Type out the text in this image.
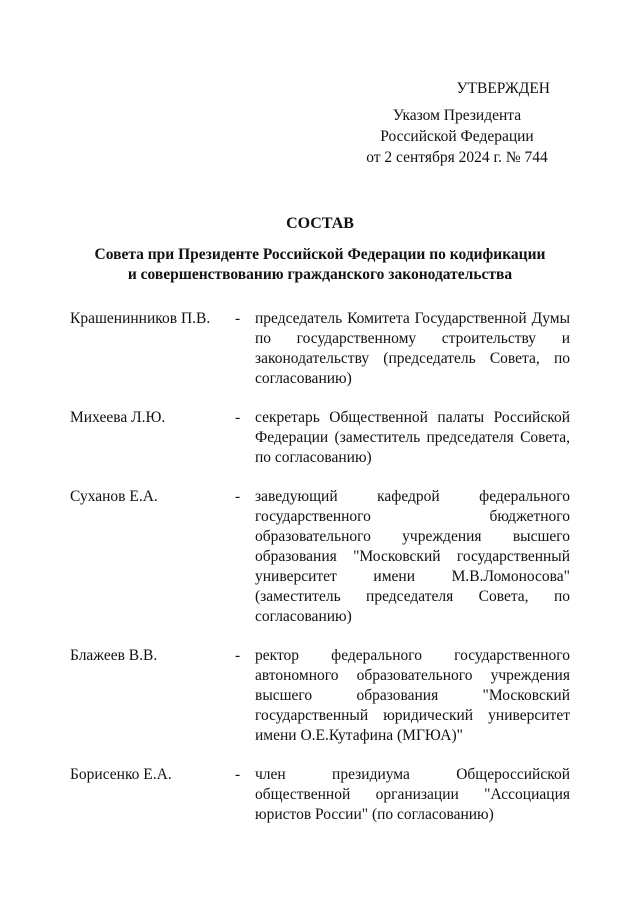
УТВЕРЖДЕН
Указом Президента
Российской Федерации
от 2 сентября 2024 г. № 744
СОСТАВ
Совета при Президенте Российской Федерации по кодификации
и совершенствованию гражданского законодательства
Крашенинников П.В.	- председатель Комитета Государственной Думы по государственному строительству и законодательству (председатель Совета, по согласованию)
Михеева Л.Ю.	- секретарь Общественной палаты Российской Федерации (заместитель председателя Совета, по согласованию)
Суханов Е.А.	- заведующий кафедрой федерального государственного бюджетного образовательного учреждения высшего образования "Московский государственный университет имени М.В.Ломоносова" (заместитель председателя Совета, по согласованию)
Блажеев В.В.	- ректор федерального государственного автономного образовательного учреждения высшего образования "Московский государственный юридический университет имени О.Е.Кутафина (МГЮА)"
Борисенко Е.А.	- член президиума Общероссийской общественной организации "Ассоциация юристов России" (по согласованию)
